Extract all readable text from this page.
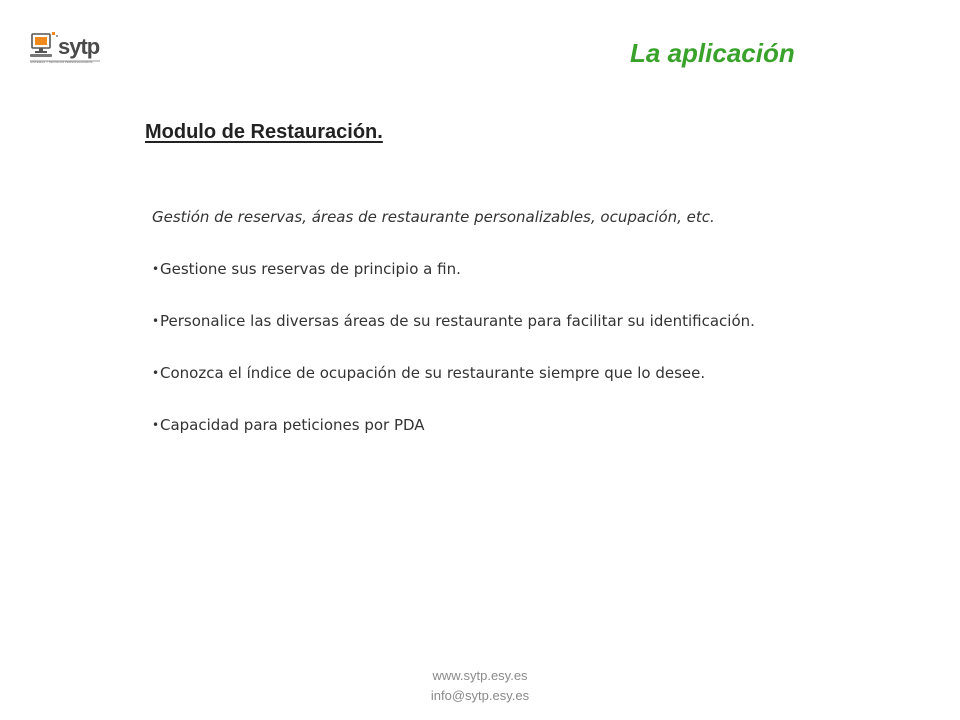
sytp
SISTEMAS Y TECNICOS PERSONALIZADOS	La aplicación
Modulo de Restauración.

Gestión de reservas, áreas de restaurante personalizables, ocupación, etc.

•Gestione sus reservas de principio a fin.
•Personalice las diversas áreas de su restaurante para facilitar su identificación.
•Conozca el índice de ocupación de su restaurante siempre que lo desee.
•Capacidad para peticiones por PDA
www.sytp.esy.es
info@sytp.esy.es
